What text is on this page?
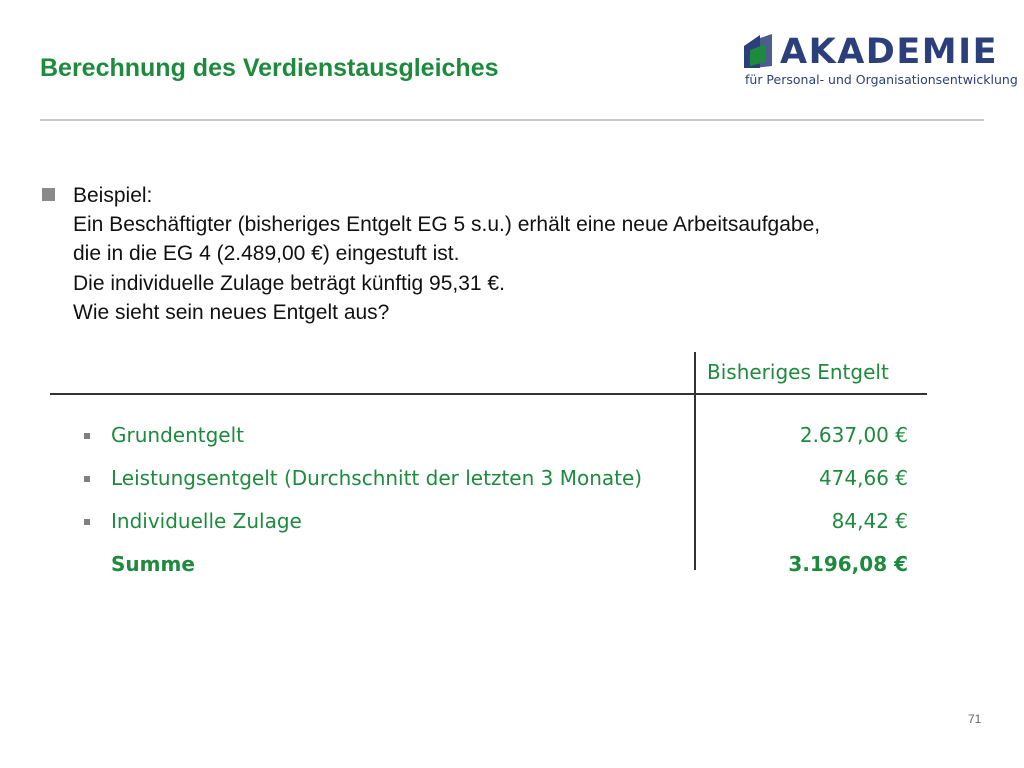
Berechnung des Verdienstausgleiches	AKADEMIE
für Personal- und Organisationsentwicklung
Beispiel:
Ein Beschäftigter (bisheriges Entgelt EG 5 s.u.) erhält eine neue Arbeitsaufgabe,
die in die EG 4 (2.489,00 €) eingestuft ist.
Die individuelle Zulage beträgt künftig 95,31 €.
Wie sieht sein neues Entgelt aus?
Bisheriges Entgelt
Grundentgelt	2.637,00 €
Leistungsentgelt (Durchschnitt der letzten 3 Monate)	474,66 €
Individuelle Zulage	84,42 €
Summe	3.196,08 €
71
